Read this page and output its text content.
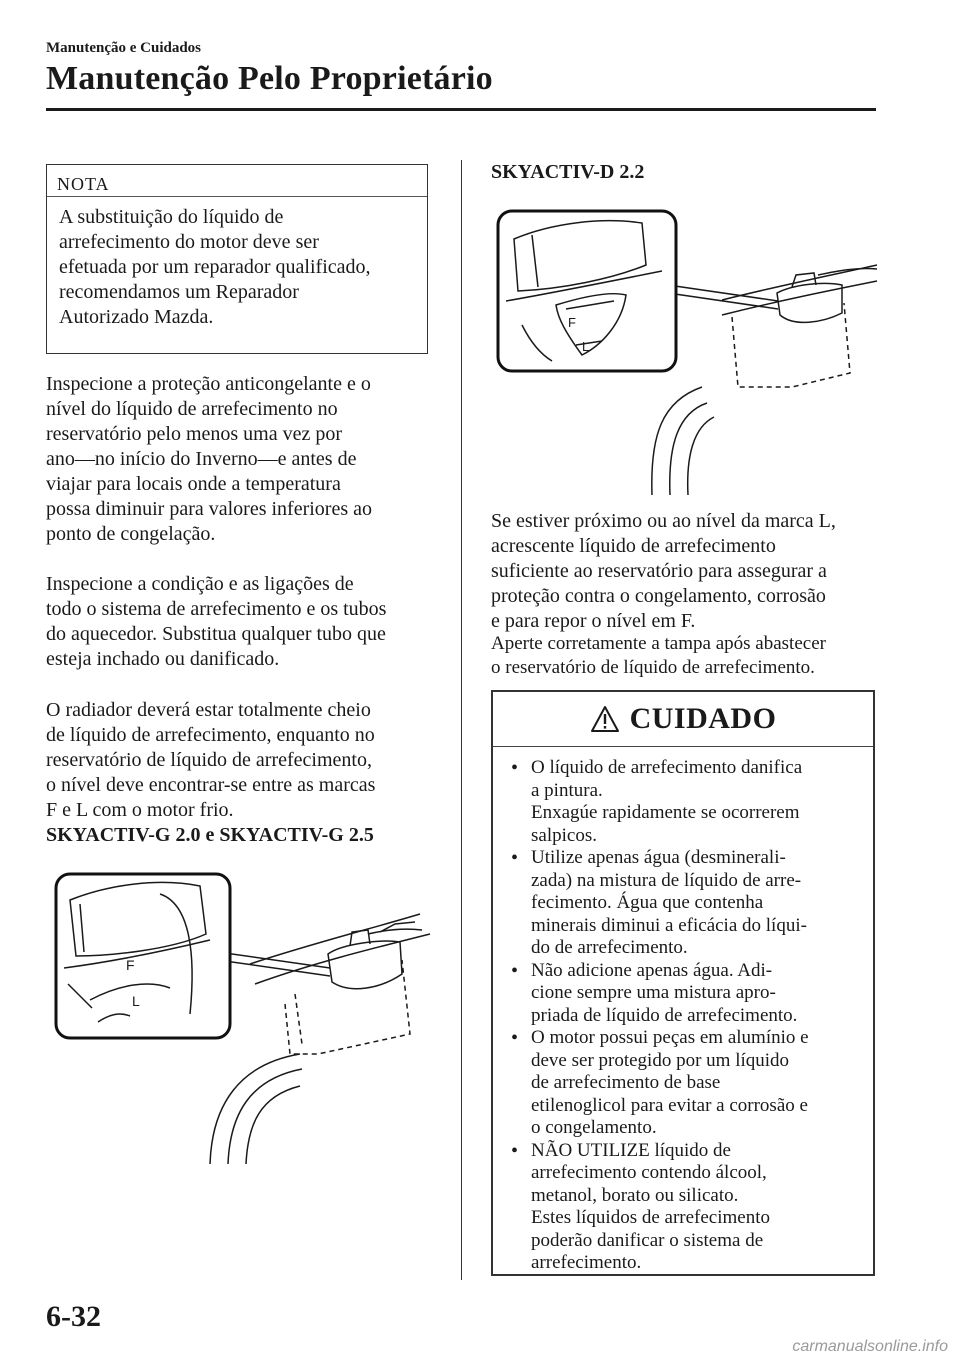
Manutenção e Cuidados
Manutenção Pelo Proprietário
NOTA
A substituição do líquido de
arrefecimento do motor deve ser
efetuada por um reparador qualificado,
recomendamos um Reparador
Autorizado Mazda.
Inspecione a proteção anticongelante e o
nível do líquido de arrefecimento no
reservatório pelo menos uma vez por
ano—no início do Inverno—e antes de
viajar para locais onde a temperatura
possa diminuir para valores inferiores ao
ponto de congelação.
Inspecione a condição e as ligações de
todo o sistema de arrefecimento e os tubos
do aquecedor. Substitua qualquer tubo que
esteja inchado ou danificado.
O radiador deverá estar totalmente cheio
de líquido de arrefecimento, enquanto no
reservatório de líquido de arrefecimento,
o nível deve encontrar-se entre as marcas
F e L com o motor frio.
SKYACTIV-G 2.0 e SKYACTIV-G 2.5
F
L
SKYACTIV-D 2.2
F
L
Se estiver próximo ou ao nível da marca L,
acrescente líquido de arrefecimento
suficiente ao reservatório para assegurar a
proteção contra o congelamento, corrosão
e para repor o nível em F.
Aperte corretamente a tampa após abastecer
o reservatório de líquido de arrefecimento.
CUIDADO
• O líquido de arrefecimento danifica
a pintura.
Enxagúe rapidamente se ocorrerem
salpicos.
• Utilize apenas água (desminerali-
zada) na mistura de líquido de arre-
fecimento. Água que contenha
minerais diminui a eficácia do líqui-
do de arrefecimento.
• Não adicione apenas água. Adi-
cione sempre uma mistura apro-
priada de líquido de arrefecimento.
• O motor possui peças em alumínio e
deve ser protegido por um líquido
de arrefecimento de base
etilenoglicol para evitar a corrosão e
o congelamento.
• NÃO UTILIZE líquido de
arrefecimento contendo álcool,
metanol, borato ou silicato.
Estes líquidos de arrefecimento
poderão danificar o sistema de
arrefecimento.
6-32
carmanualsonline.info
